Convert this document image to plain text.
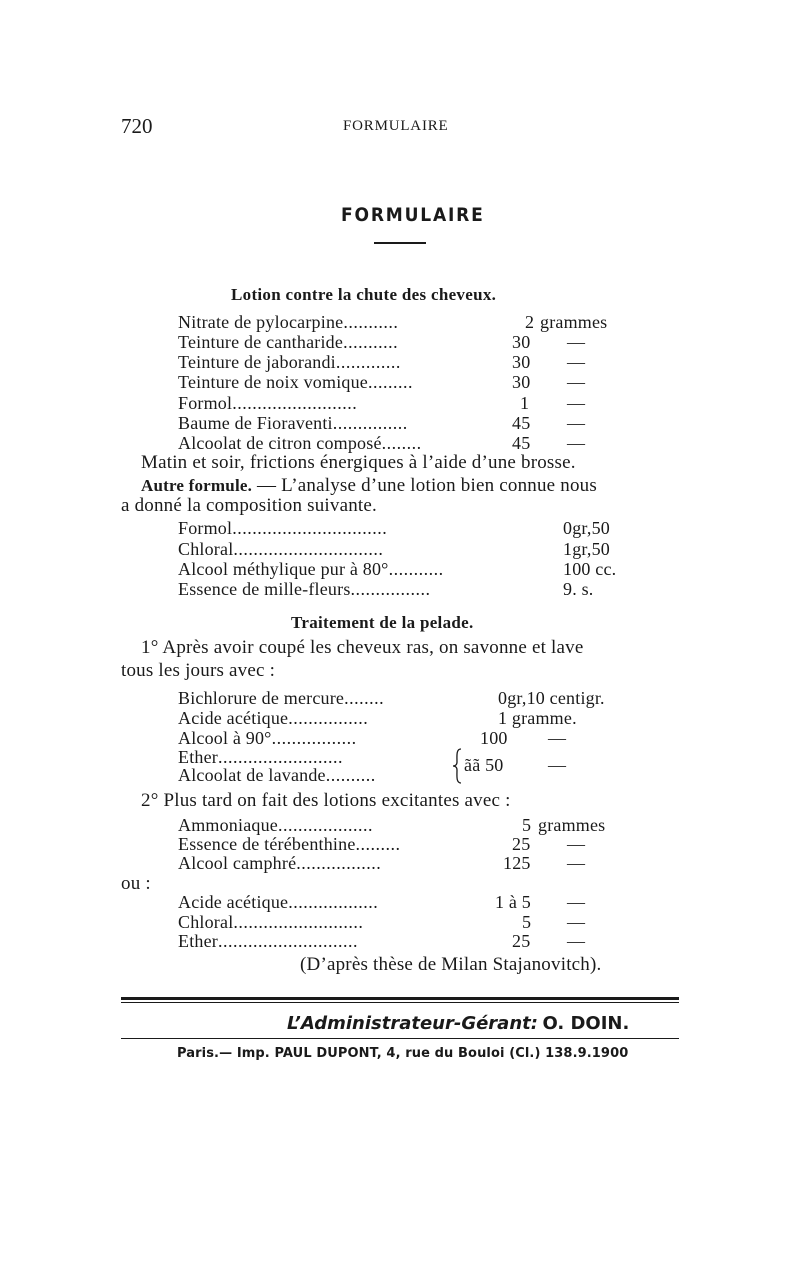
720	FORMULAIRE
FORMULAIRE
Lotion contre la chute des cheveux.
Nitrate de pylocarpine...........	2 grammes
Teinture de cantharide...........	30 —
Teinture de jaborandi.............	30 —
Teinture de noix vomique.........	30 —
Formol.........................	1 —
Baume de Fioraventi...............	45 —
Alcoolat de citron composé........	45 —
Matin et soir, frictions énergiques à l’aide d’une brosse.
Autre formule. — L’analyse d’une lotion bien connue nous
a donné la composition suivante.
Formol...............................	0gr,50
Chloral..............................	1gr,50
Alcool méthylique pur à 80°...........	100 cc.
Essence de mille-fleurs................	9. s.
Traitement de la pelade.
1° Après avoir coupé les cheveux ras, on savonne et lave
tous les jours avec :
Bichlorure de mercure........	0gr,10 centigr.
Acide acétique................	1 gramme.
Alcool à 90°.................	100 —
Ether.........................
Alcoolat de lavande..........	ãã 50 —
2° Plus tard on fait des lotions excitantes avec :
Ammoniaque...................	5 grammes
Essence de térébenthine.........	25 —
Alcool camphré.................	125 —
ou :
Acide acétique..................	1 à 5 —
Chloral..........................	5 —
Ether............................	25 —
(D’après thèse de Milan Stajanovitch).
L’Administrateur-Gérant: O. DOIN.
Paris.— Imp. PAUL DUPONT, 4, rue du Bouloi (Cl.) 138.9.1900
